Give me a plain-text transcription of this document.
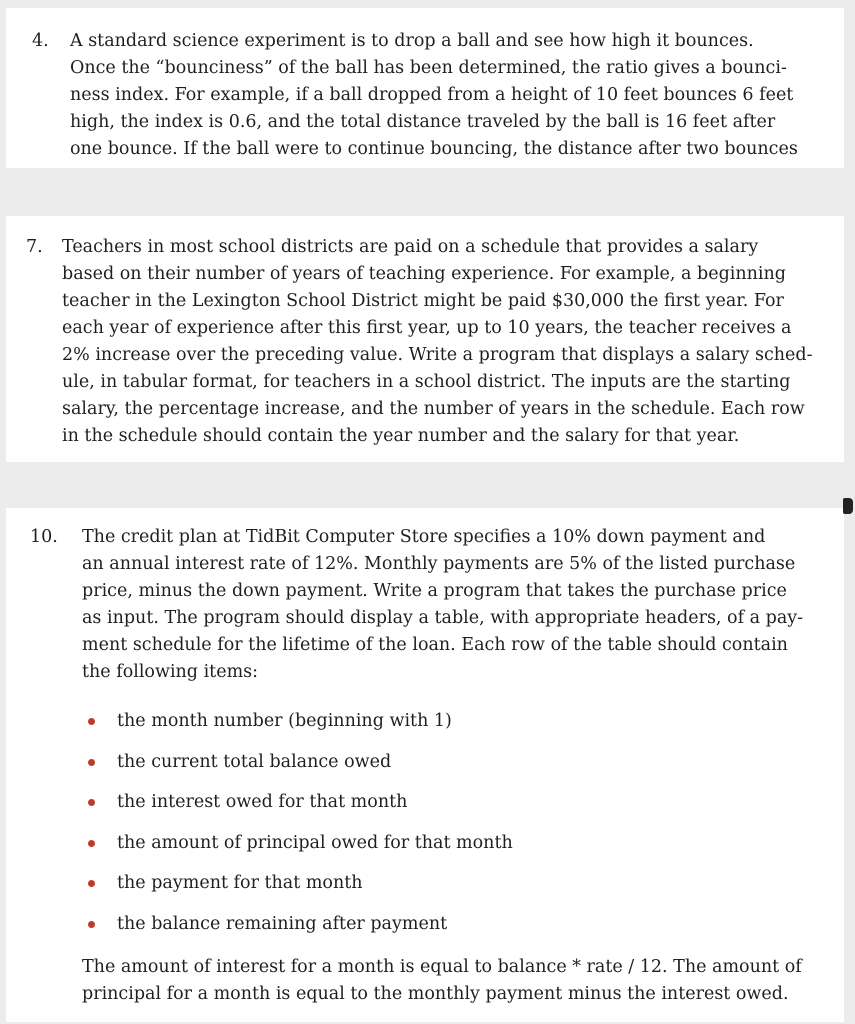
4. A standard science experiment is to drop a ball and see how high it bounces.
Once the “bounciness” of the ball has been determined, the ratio gives a bounci-
ness index. For example, if a ball dropped from a height of 10 feet bounces 6 feet
high, the index is 0.6, and the total distance traveled by the ball is 16 feet after
one bounce. If the ball were to continue bouncing, the distance after two bounces
7. Teachers in most school districts are paid on a schedule that provides a salary
based on their number of years of teaching experience. For example, a beginning
teacher in the Lexington School District might be paid $30,000 the first year. For
each year of experience after this first year, up to 10 years, the teacher receives a
2% increase over the preceding value. Write a program that displays a salary sched-
ule, in tabular format, for teachers in a school district. The inputs are the starting
salary, the percentage increase, and the number of years in the schedule. Each row
in the schedule should contain the year number and the salary for that year.
10. The credit plan at TidBit Computer Store specifies a 10% down payment and
an annual interest rate of 12%. Monthly payments are 5% of the listed purchase
price, minus the down payment. Write a program that takes the purchase price
as input. The program should display a table, with appropriate headers, of a pay-
ment schedule for the lifetime of the loan. Each row of the table should contain
the following items:
the month number (beginning with 1)
the current total balance owed
the interest owed for that month
the amount of principal owed for that month
the payment for that month
the balance remaining after payment
The amount of interest for a month is equal to balance * rate / 12. The amount of
principal for a month is equal to the monthly payment minus the interest owed.
